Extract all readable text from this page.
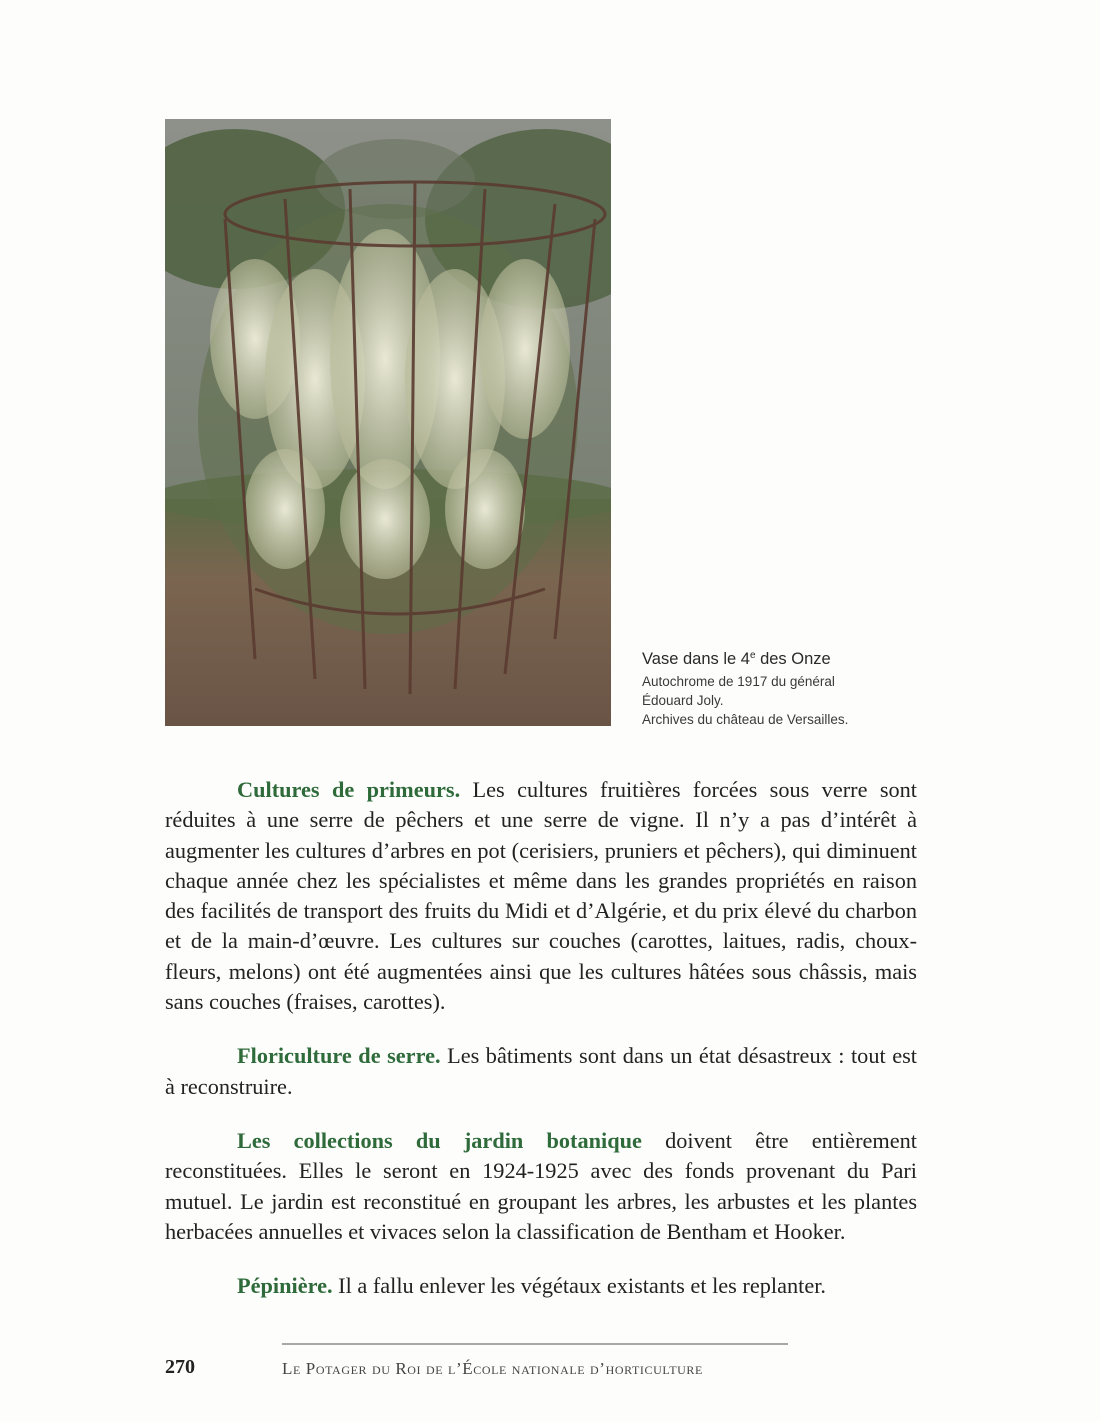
Vase dans le 4e des Onze
Autochrome de 1917 du général
Édouard Joly.
Archives du château de Versailles.

Cultures de primeurs. Les cultures fruitières forcées sous verre sont réduites à une serre de pêchers et une serre de vigne. Il n’y a pas d’intérêt à augmenter les cultures d’arbres en pot (cerisiers, pruniers et pêchers), qui diminuent chaque année chez les spécialistes et même dans les grandes propriétés en raison des facilités de transport des fruits du Midi et d’Algérie, et du prix élevé du charbon et de la main-d’œuvre. Les cultures sur couches (carottes, laitues, radis, choux-fleurs, melons) ont été augmentées ainsi que les cultures hâtées sous châssis, mais sans couches (fraises, carottes).

Floriculture de serre. Les bâtiments sont dans un état désastreux : tout est à reconstruire.

Les collections du jardin botanique doivent être entièrement reconstituées. Elles le seront en 1924-1925 avec des fonds provenant du Pari mutuel. Le jardin est reconstitué en groupant les arbres, les arbustes et les plantes herbacées annuelles et vivaces selon la classification de Bentham et Hooker.

Pépinière. Il a fallu enlever les végétaux existants et les replanter.

270	Le Potager du Roi de l’École nationale d’horticulture
